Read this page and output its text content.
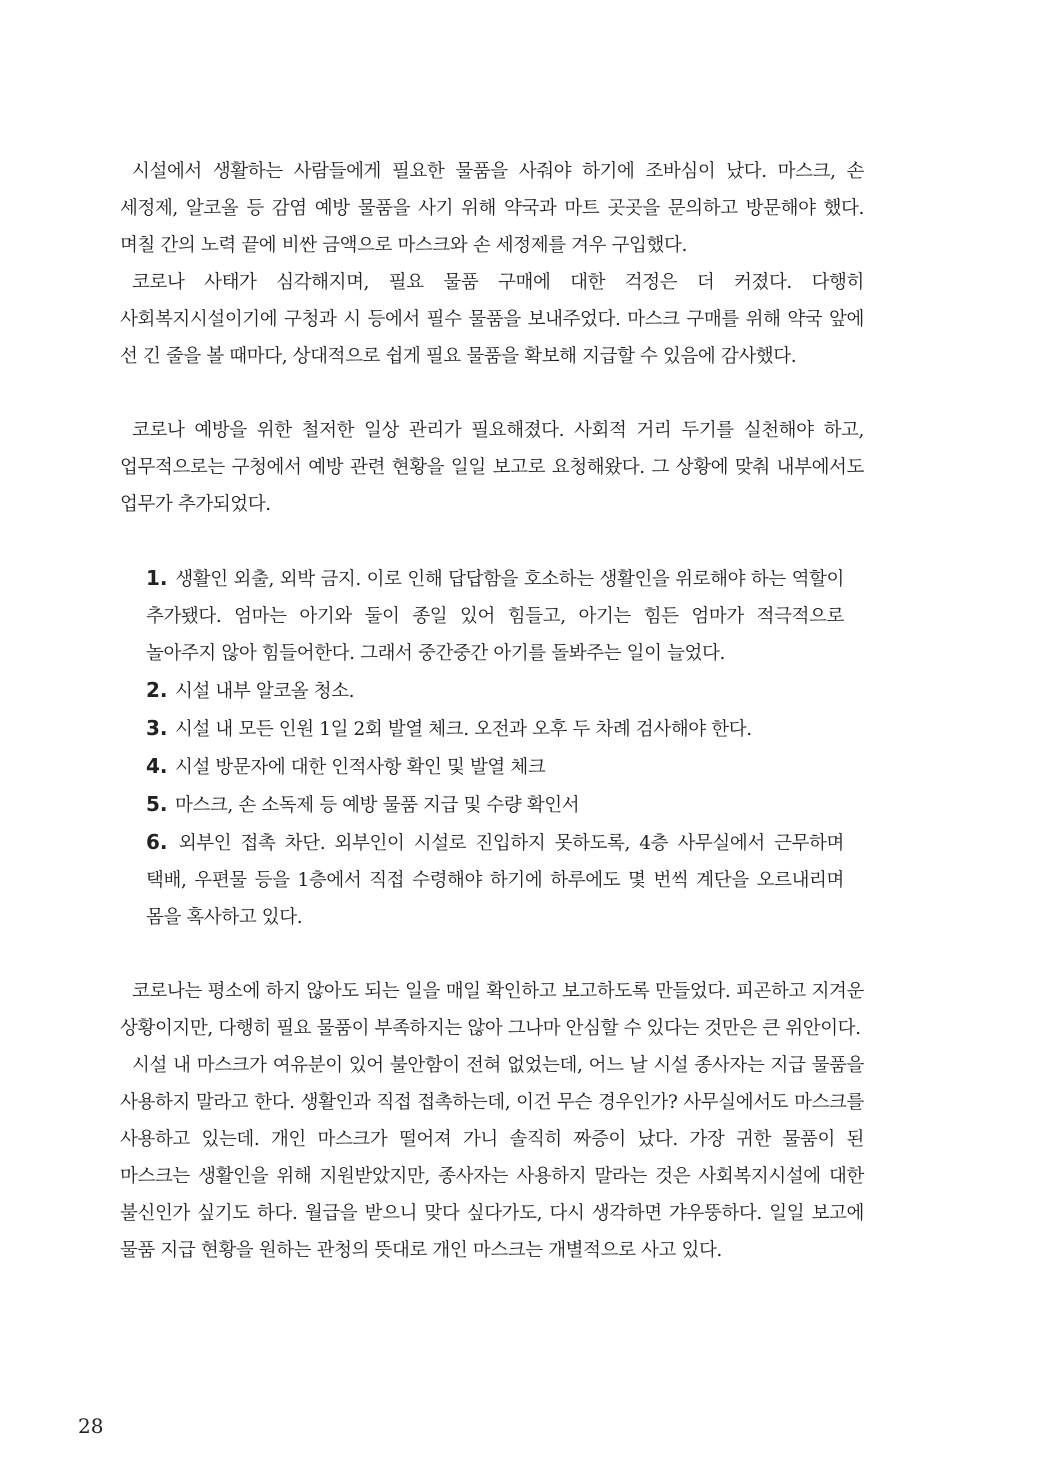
시설에서 생활하는 사람들에게 필요한 물품을 사줘야 하기에 조바심이 났다. 마스크, 손 세정제, 알코올 등 감염 예방 물품을 사기 위해 약국과 마트 곳곳을 문의하고 방문해야 했다. 며칠 간의 노력 끝에 비싼 금액으로 마스크와 손 세정제를 겨우 구입했다.

코로나 사태가 심각해지며, 필요 물품 구매에 대한 걱정은 더 커졌다. 다행히 사회복지시설이기에 구청과 시 등에서 필수 물품을 보내주었다. 마스크 구매를 위해 약국 앞에 선 긴 줄을 볼 때마다, 상대적으로 쉽게 필요 물품을 확보해 지급할 수 있음에 감사했다.

코로나 예방을 위한 철저한 일상 관리가 필요해졌다. 사회적 거리 두기를 실천해야 하고, 업무적으로는 구청에서 예방 관련 현황을 일일 보고로 요청해왔다. 그 상황에 맞춰 내부에서도 업무가 추가되었다.

1. 생활인 외출, 외박 금지. 이로 인해 답답함을 호소하는 생활인을 위로해야 하는 역할이 추가됐다. 엄마는 아기와 둘이 종일 있어 힘들고, 아기는 힘든 엄마가 적극적으로 놀아주지 않아 힘들어한다. 그래서 중간중간 아기를 돌봐주는 일이 늘었다.
2. 시설 내부 알코올 청소.
3. 시설 내 모든 인원 1일 2회 발열 체크. 오전과 오후 두 차례 검사해야 한다.
4. 시설 방문자에 대한 인적사항 확인 및 발열 체크
5. 마스크, 손 소독제 등 예방 물품 지급 및 수량 확인서
6. 외부인 접촉 차단. 외부인이 시설로 진입하지 못하도록, 4층 사무실에서 근무하며 택배, 우편물 등을 1층에서 직접 수령해야 하기에 하루에도 몇 번씩 계단을 오르내리며 몸을 혹사하고 있다.

코로나는 평소에 하지 않아도 되는 일을 매일 확인하고 보고하도록 만들었다. 피곤하고 지겨운 상황이지만, 다행히 필요 물품이 부족하지는 않아 그나마 안심할 수 있다는 것만은 큰 위안이다.

시설 내 마스크가 여유분이 있어 불안함이 전혀 없었는데, 어느 날 시설 종사자는 지급 물품을 사용하지 말라고 한다. 생활인과 직접 접촉하는데, 이건 무슨 경우인가? 사무실에서도 마스크를 사용하고 있는데. 개인 마스크가 떨어져 가니 솔직히 짜증이 났다. 가장 귀한 물품이 된 마스크는 생활인을 위해 지원받았지만, 종사자는 사용하지 말라는 것은 사회복지시설에 대한 불신인가 싶기도 하다. 월급을 받으니 맞다 싶다가도, 다시 생각하면 갸우뚱하다. 일일 보고에 물품 지급 현황을 원하는 관청의 뜻대로 개인 마스크는 개별적으로 사고 있다.

28
